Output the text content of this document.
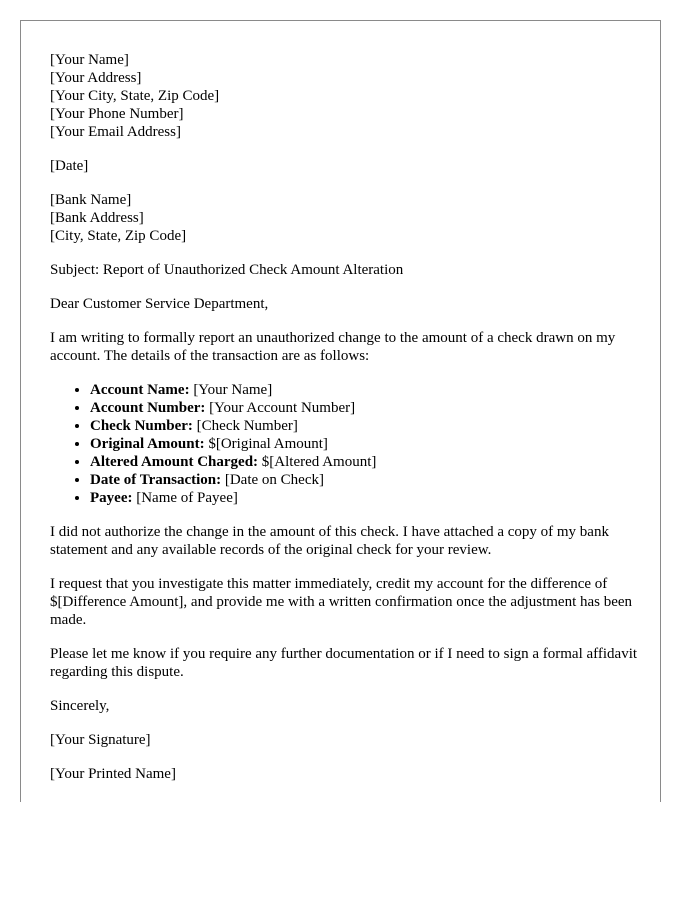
[Your Name]

[Your Address]

[Your City, State, Zip Code]

[Your Phone Number]

[Your Email Address]

[Date]

[Bank Name]

[Bank Address]

[City, State, Zip Code]

Subject: Report of Unauthorized Check Amount Alteration

Dear Customer Service Department,

I am writing to formally report an unauthorized change to the amount of a check drawn on my account. The details of the transaction are as follows:

• Account Name: [Your Name]
• Account Number: [Your Account Number]
• Check Number: [Check Number]
• Original Amount: $[Original Amount]
• Altered Amount Charged: $[Altered Amount]
• Date of Transaction: [Date on Check]
• Payee: [Name of Payee]

I did not authorize the change in the amount of this check. I have attached a copy of my bank statement and any available records of the original check for your review.

I request that you investigate this matter immediately, credit my account for the difference of $[Difference Amount], and provide me with a written confirmation once the adjustment has been made.

Please let me know if you require any further documentation or if I need to sign a formal affidavit regarding this dispute.

Sincerely,

[Your Signature]

[Your Printed Name]
